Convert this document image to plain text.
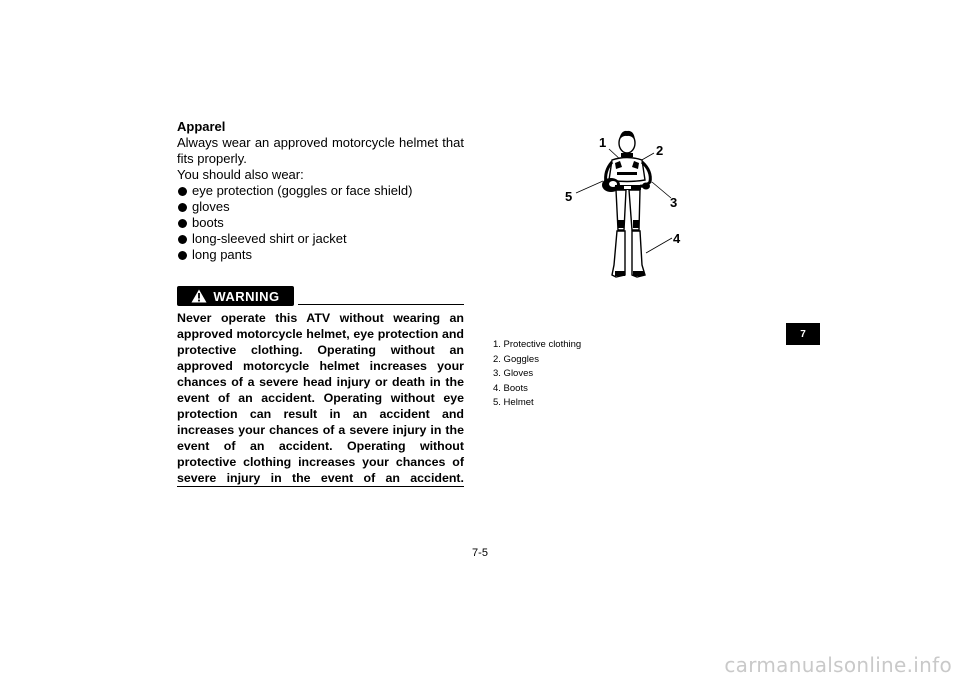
Apparel

Always wear an approved motorcycle helmet that fits properly.

You should also wear:

eye protection (goggles or face shield)
gloves
boots
long-sleeved shirt or jacket
long pants
WARNING

Never operate this ATV without wearing an approved motorcycle helmet, eye protection and protective clothing. Operating without an approved motorcycle helmet increases your chances of a severe head injury or death in the event of an accident. Operating without eye protection can result in an accident and increases your chances of a severe injury in the event of an accident. Operating without protective clothing increases your chances of severe injury in the event of an accident.

1
2
3
4
5
1. Protective clothing
2. Goggles
3. Gloves
4. Boots
5. Helmet
7
7-5
carmanualsonline.info
